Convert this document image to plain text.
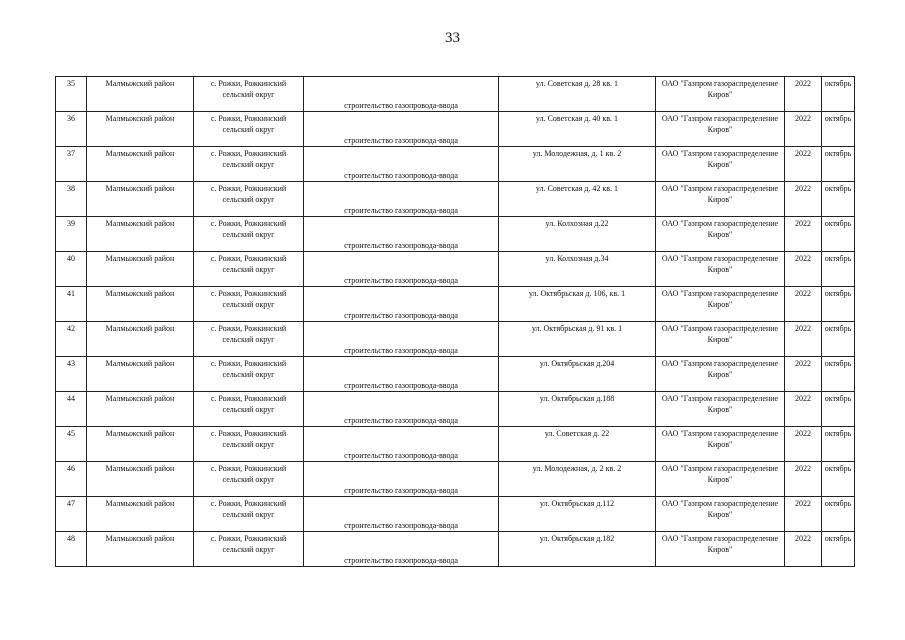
33
35	Малмыжский район	с. Рожки, Рожкинский
сельский округ	строительство газопровода-ввода	ул. Советская д. 28 кв. 1	ОАО "Газпром газораспределение
Киров"	2022	октябрь
36	Малмыжский район	с. Рожки, Рожкинский
сельский округ	строительство газопровода-ввода	ул. Советская д. 40 кв. 1	ОАО "Газпром газораспределение
Киров"	2022	октябрь
37	Малмыжский район	с. Рожки, Рожкинский
сельский округ	строительство газопровода-ввода	ул. Молодежная, д. 1 кв. 2	ОАО "Газпром газораспределение
Киров"	2022	октябрь
38	Малмыжский район	с. Рожки, Рожкинский
сельский округ	строительство газопровода-ввода	ул. Советская д. 42 кв. 1	ОАО "Газпром газораспределение
Киров"	2022	октябрь
39	Малмыжский район	с. Рожки, Рожкинский
сельский округ	строительство газопровода-ввода	ул. Колхозная д.22	ОАО "Газпром газораспределение
Киров"	2022	октябрь
40	Малмыжский район	с. Рожки, Рожкинский
сельский округ	строительство газопровода-ввода	ул. Колхозная д.34	ОАО "Газпром газораспределение
Киров"	2022	октябрь
41	Малмыжский район	с. Рожки, Рожкинский
сельский округ	строительство газопровода-ввода	ул. Октябрьская д. 106, кв. 1	ОАО "Газпром газораспределение
Киров"	2022	октябрь
42	Малмыжский район	с. Рожки, Рожкинский
сельский округ	строительство газопровода-ввода	ул. Октябрьская д. 91 кв. 1	ОАО "Газпром газораспределение
Киров"	2022	октябрь
43	Малмыжский район	с. Рожки, Рожкинский
сельский округ	строительство газопровода-ввода	ул. Октябрьская д.204	ОАО "Газпром газораспределение
Киров"	2022	октябрь
44	Малмыжский район	с. Рожки, Рожкинский
сельский округ	строительство газопровода-ввода	ул. Октябрьская д.188	ОАО "Газпром газораспределение
Киров"	2022	октябрь
45	Малмыжский район	с. Рожки, Рожкинский
сельский округ	строительство газопровода-ввода	ул. Советская д. 22	ОАО "Газпром газораспределение
Киров"	2022	октябрь
46	Малмыжский район	с. Рожки, Рожкинский
сельский округ	строительство газопровода-ввода	ул. Молодежная, д. 2 кв. 2	ОАО "Газпром газораспределение
Киров"	2022	октябрь
47	Малмыжский район	с. Рожки, Рожкинский
сельский округ	строительство газопровода-ввода	ул. Октябрьская д.112	ОАО "Газпром газораспределение
Киров"	2022	октябрь
48	Малмыжский район	с. Рожки, Рожкинский
сельский округ	строительство газопровода-ввода	ул. Октябрьская д.182	ОАО "Газпром газораспределение
Киров"	2022	октябрь
